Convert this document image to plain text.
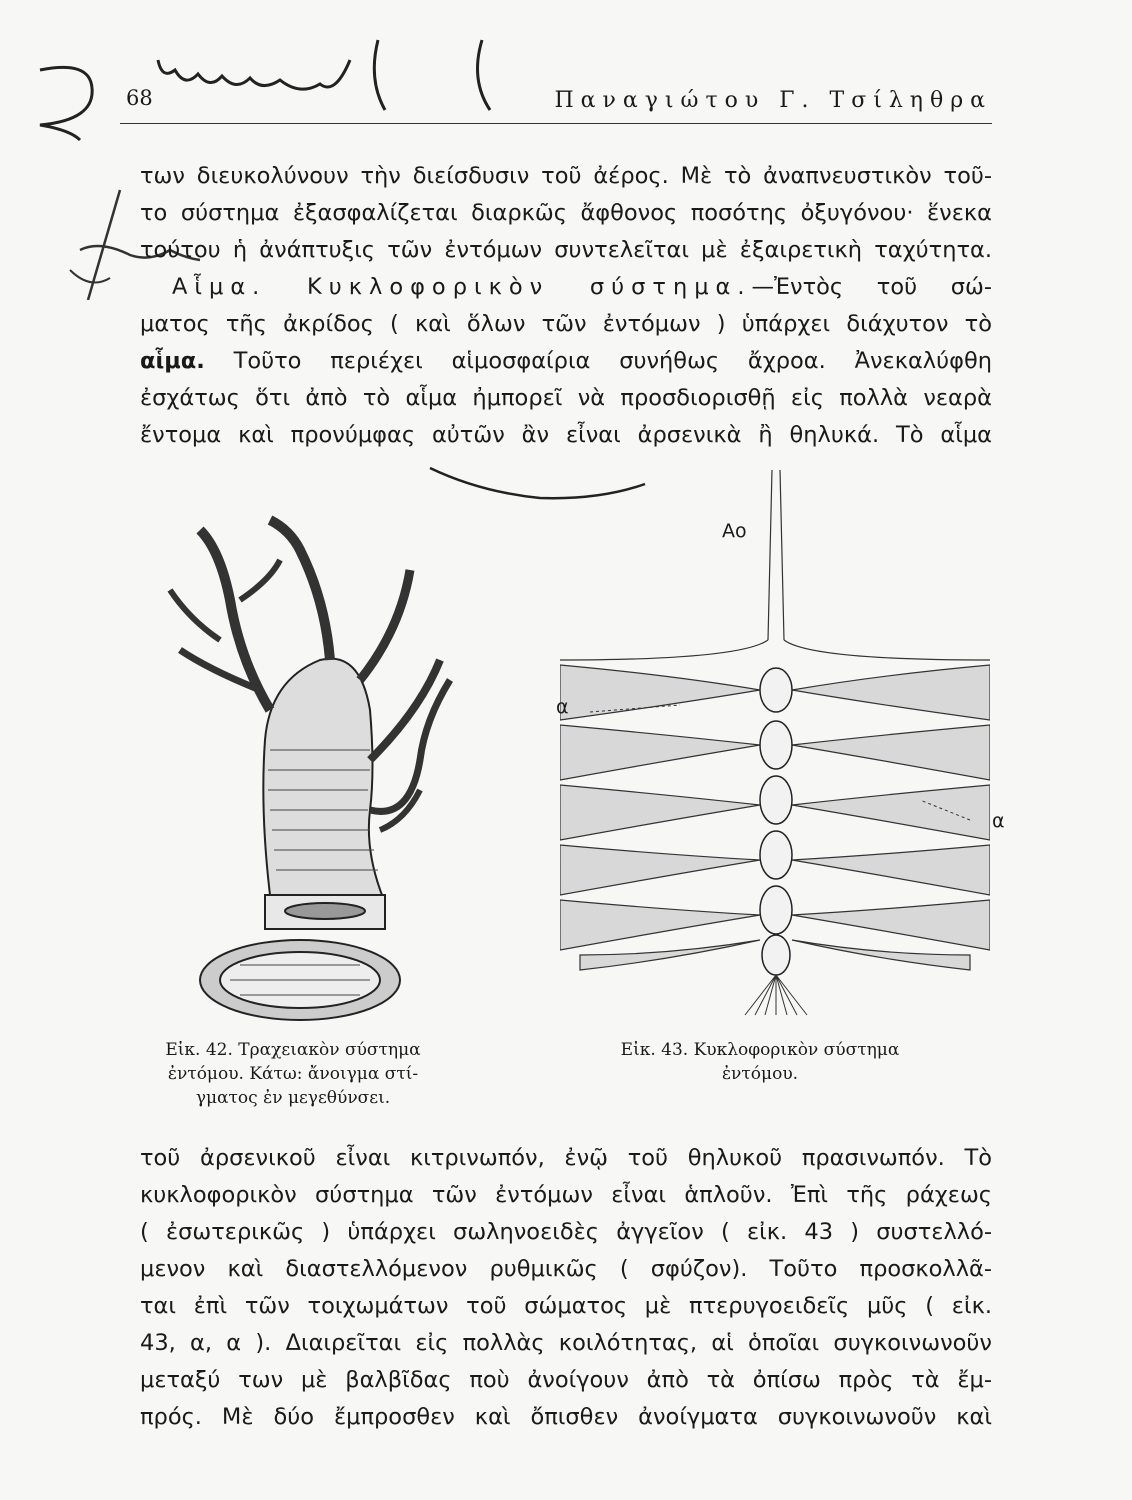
68	Παναγιώτου Γ. Τσίληθρα
των διευκολύνουν τὴν διείσδυσιν τοῦ ἀέρος. Μὲ τὸ ἀναπνευστικὸν τοῦ-
το σύστημα ἐξασφαλίζεται διαρκῶς ἄφθονος ποσότης ὀξυγόνου· ἕνεκα
τούτου ἡ ἀνάπτυξις τῶν ἐντόμων συντελεῖται μὲ ἐξαιρετικὴ ταχύτητα.
Αἷμα. Κυκλοφορικὸν σύστημα.—Ἐντὸς τοῦ σώ-
ματος τῆς ἀκρίδος ( καὶ ὅλων τῶν ἐντόμων ) ὑπάρχει διάχυτον τὸ
αἷμα. Τοῦτο περιέχει αἱμοσφαίρια συνήθως ἄχροα. Ἀνεκαλύφθη
ἐσχάτως ὅτι ἀπὸ τὸ αἷμα ἠμπορεῖ νὰ προσδιορισθῇ εἰς πολλὰ νεαρὰ
ἔντομα καὶ προνύμφας αὐτῶν ἂν εἶναι ἀρσενικὰ ἢ θηλυκά. Τὸ αἷμα
Εἰκ. 42. Τραχειακὸν σύστημα
ἐντόμου. Κάτω: ἄνοιγμα στί-
γματος ἐν μεγεθύνσει.
Αο
α
α
Εἰκ. 43. Κυκλοφορικὸν σύστημα
ἐντόμου.
τοῦ ἀρσενικοῦ εἶναι κιτρινωπόν, ἐνῷ τοῦ θηλυκοῦ πρασινωπόν. Τὸ
κυκλοφορικὸν σύστημα τῶν ἐντόμων εἶναι ἁπλοῦν. Ἐπὶ τῆς ράχεως
( ἐσωτερικῶς ) ὑπάρχει σωληνοειδὲς ἀγγεῖον ( εἰκ. 43 ) συστελλό-
μενον καὶ διαστελλόμενον ρυθμικῶς ( σφύζον). Τοῦτο προσκολλᾶ-
ται ἐπὶ τῶν τοιχωμάτων τοῦ σώματος μὲ πτερυγοειδεῖς μῦς ( εἰκ.
43, α, α ). Διαιρεῖται εἰς πολλὰς κοιλότητας, αἱ ὁποῖαι συγκοινωνοῦν
μεταξύ των μὲ βαλβῖδας ποὺ ἀνοίγουν ἀπὸ τὰ ὀπίσω πρὸς τὰ ἔμ-
πρός. Μὲ δύο ἔμπροσθεν καὶ ὄπισθεν ἀνοίγματα συγκοινωνοῦν καὶ
